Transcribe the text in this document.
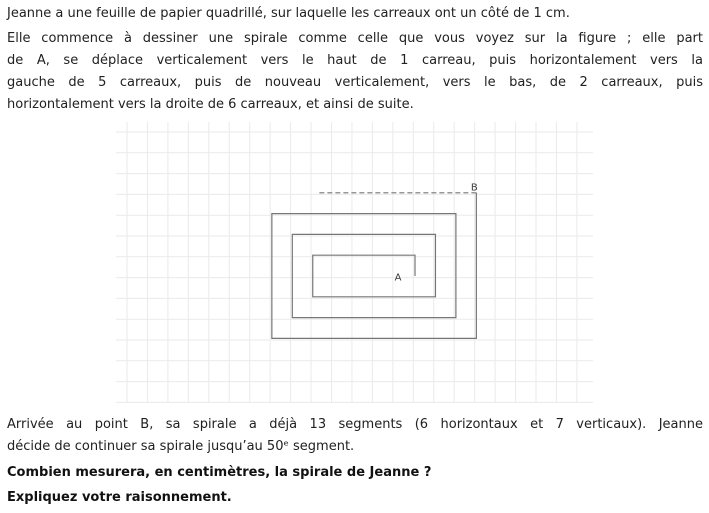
Jeanne a une feuille de papier quadrillé, sur laquelle les carreaux ont un côté de 1 cm.

Elle commence à dessiner une spirale comme celle que vous voyez sur la figure ; elle part
de A, se déplace verticalement vers le haut de 1 carreau, puis horizontalement vers la
gauche de 5 carreaux, puis de nouveau verticalement, vers le bas, de 2 carreaux, puis
horizontalement vers la droite de 6 carreaux, et ainsi de suite.
A
B
Arrivée au point B, sa spirale a déjà 13 segments (6 horizontaux et 7 verticaux). Jeanne
décide de continuer sa spirale jusqu’au 50ᵉ segment.

Combien mesurera, en centimètres, la spirale de Jeanne ?

Expliquez votre raisonnement.
